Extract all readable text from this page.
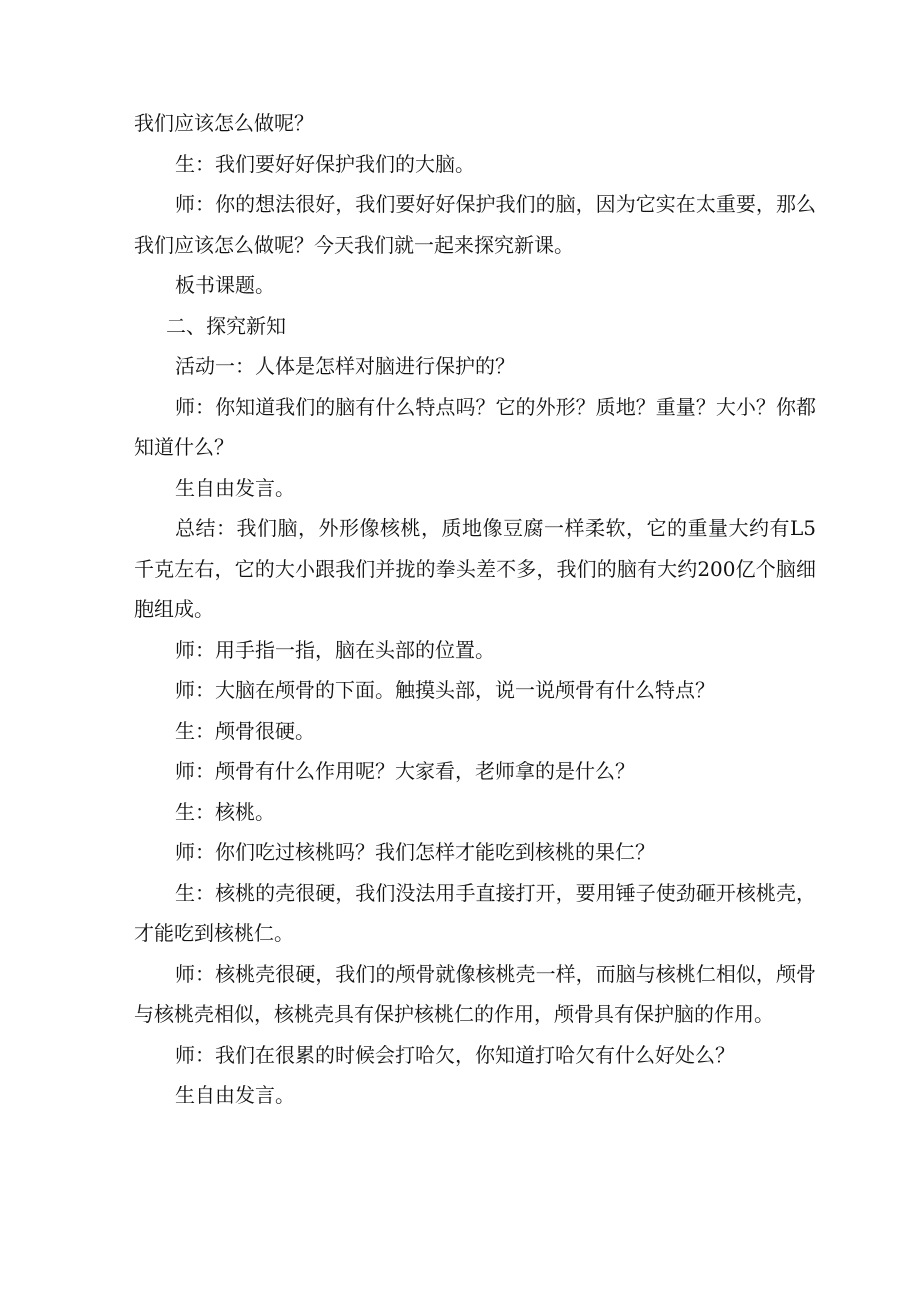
我们应该怎么做呢？

生：我们要好好保护我们的大脑。

师：你的想法很好，我们要好好保护我们的脑，因为它实在太重要，那么我们应该怎么做呢？今天我们就一起来探究新课。

板书课题。

二、探究新知

活动一：人体是怎样对脑进行保护的？

师：你知道我们的脑有什么特点吗？它的外形？质地？重量？大小？你都知道什么？

生自由发言。

总结：我们脑，外形像核桃，质地像豆腐一样柔软，它的重量大约有L5千克左右，它的大小跟我们并拢的拳头差不多，我们的脑有大约200亿个脑细胞组成。

师：用手指一指，脑在头部的位置。

师：大脑在颅骨的下面。触摸头部，说一说颅骨有什么特点？

生：颅骨很硬。

师：颅骨有什么作用呢？大家看，老师拿的是什么？

生：核桃。

师：你们吃过核桃吗？我们怎样才能吃到核桃的果仁？

生：核桃的壳很硬，我们没法用手直接打开，要用锤子使劲砸开核桃壳，才能吃到核桃仁。

师：核桃壳很硬，我们的颅骨就像核桃壳一样，而脑与核桃仁相似，颅骨与核桃壳相似，核桃壳具有保护核桃仁的作用，颅骨具有保护脑的作用。

师：我们在很累的时候会打哈欠，你知道打哈欠有什么好处么？

生自由发言。
